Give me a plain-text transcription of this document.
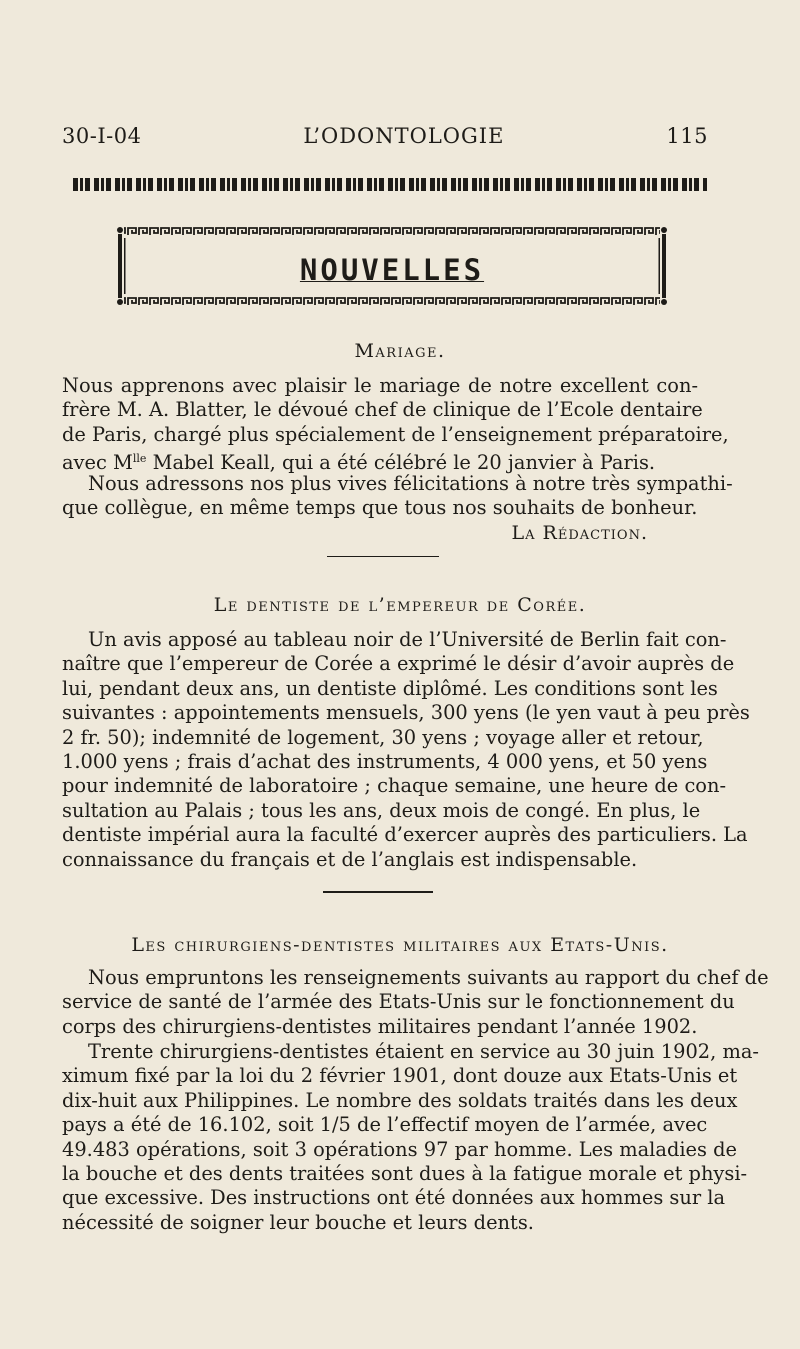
30-I-04	L’ODONTOLOGIE	115
NOUVELLES
Mariage.
Nous apprenons avec plaisir le mariage de notre excellent con-
frère M. A. Blatter, le dévoué chef de clinique de l’Ecole dentaire
de Paris, chargé plus spécialement de l’enseignement préparatoire,
avec $M^{lle}$ Mabel Keall, qui a été célébré le 20 janvier à Paris.
Nous adressons nos plus vives félicitations à notre très sympathi-
que collègue, en même temps que tous nos souhaits de bonheur.
La Rédaction.
Le dentiste de l’empereur de Corée.
Un avis apposé au tableau noir de l’Université de Berlin fait con-
naître que l’empereur de Corée a exprimé le désir d’avoir auprès de
lui, pendant deux ans, un dentiste diplômé. Les conditions sont les
suivantes : appointements mensuels, 300 yens (le yen vaut à peu près
2 fr. 50); indemnité de logement, 30 yens ; voyage aller et retour,
1.000 yens ; frais d’achat des instruments, 4 000 yens, et 50 yens
pour indemnité de laboratoire ; chaque semaine, une heure de con-
sultation au Palais ; tous les ans, deux mois de congé. En plus, le
dentiste impérial aura la faculté d’exercer auprès des particuliers. La
connaissance du français et de l’anglais est indispensable.
Les chirurgiens-dentistes militaires aux Etats-Unis.
Nous empruntons les renseignements suivants au rapport du chef de
service de santé de l’armée des Etats-Unis sur le fonctionnement du
corps des chirurgiens-dentistes militaires pendant l’année 1902.
Trente chirurgiens-dentistes étaient en service au 30 juin 1902, ma-
ximum fixé par la loi du 2 février 1901, dont douze aux Etats-Unis et
dix-huit aux Philippines. Le nombre des soldats traités dans les deux
pays a été de 16.102, soit 1/5 de l’effectif moyen de l’armée, avec
49.483 opérations, soit 3 opérations 97 par homme. Les maladies de
la bouche et des dents traitées sont dues à la fatigue morale et physi-
que excessive. Des instructions ont été données aux hommes sur la
nécessité de soigner leur bouche et leurs dents.
